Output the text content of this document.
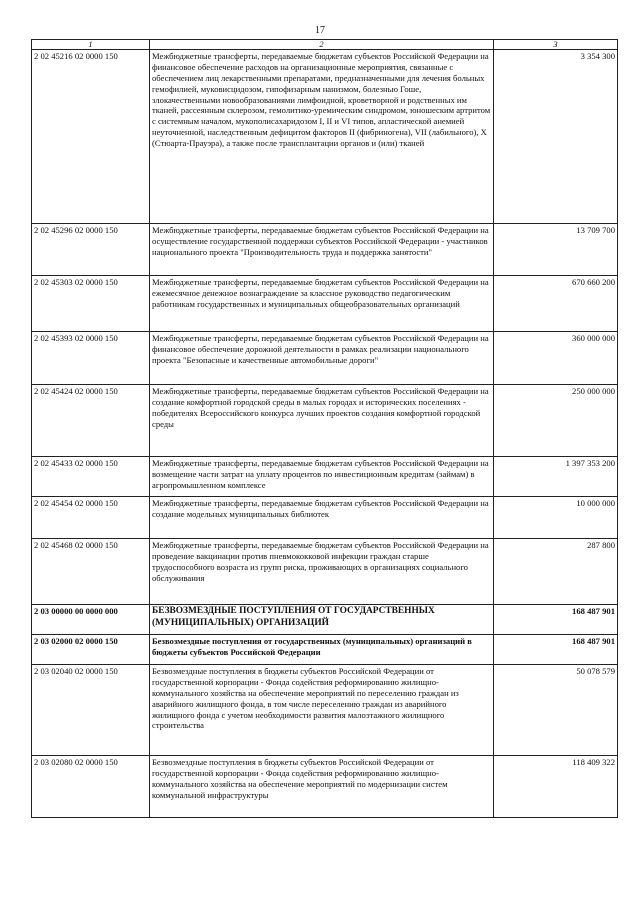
17
1	2	3
2 02 45216 02 0000 150	Межбюджетные трансферты, передаваемые бюджетам субъектов Российской Федерации на финансовое обеспечение расходов на организационные мероприятия, связанные с обеспечением лиц лекарственными препаратами, предназначенными для лечения больных гемофилией, муковисцидозом, гипофизарным нанизмом, болезнью Гоше, злокачественными новообразованиями лимфоидной, кроветворной и родственных им тканей, рассеянным склерозом, гемолитико-уремическим синдромом, юношеским артритом с системным началом, мукополисахаридозом I, II и VI типов, апластической анемией неуточненной, наследственным дефицитом факторов II (фибриногена), VII (лабильного), X (Стюарта-Прауэра), а также после трансплантации органов и (или) тканей	3 354 300
2 02 45296 02 0000 150	Межбюджетные трансферты, передаваемые бюджетам субъектов Российской Федерации на осуществление государственной поддержки субъектов Российской Федерации - участников национального проекта "Производительность труда и поддержка занятости"	13 709 700
2 02 45303 02 0000 150	Межбюджетные трансферты, передаваемые бюджетам субъектов Российской Федерации на ежемесячное денежное вознаграждение за классное руководство педагогическим работникам государственных и муниципальных общеобразовательных организаций	670 660 200
2 02 45393 02 0000 150	Межбюджетные трансферты, передаваемые бюджетам субъектов Российской Федерации на финансовое обеспечение дорожной деятельности в рамках реализации национального проекта "Безопасные и качественные автомобильные дороги"	360 000 000
2 02 45424 02 0000 150	Межбюджетные трансферты, передаваемые бюджетам субъектов Российской Федерации на создание комфортной городской среды в малых городах и исторических поселениях - победителях Всероссийского конкурса лучших проектов создания комфортной городской среды	250 000 000
2 02 45433 02 0000 150	Межбюджетные трансферты, передаваемые бюджетам субъектов Российской Федерации на возмещение части затрат на уплату процентов по инвестиционным кредитам (займам) в агропромышленном комплексе	1 397 353 200
2 02 45454 02 0000 150	Межбюджетные трансферты, передаваемые бюджетам субъектов Российской Федерации на создание модельных муниципальных библиотек	10 000 000
2 02 45468 02 0000 150	Межбюджетные трансферты, передаваемые бюджетам субъектов Российской Федерации на проведение вакцинации против пневмококковой инфекции граждан старше трудоспособного возраста из групп риска, проживающих в организациях социального обслуживания	287 800
2 03 00000 00 0000 000	БЕЗВОЗМЕЗДНЫЕ ПОСТУПЛЕНИЯ ОТ ГОСУДАРСТВЕННЫХ (МУНИЦИПАЛЬНЫХ) ОРГАНИЗАЦИЙ	168 487 901
2 03 02000 02 0000 150	Безвозмездные поступления от государственных (муниципальных) организаций в бюджеты субъектов Российской Федерации	168 487 901
2 03 02040 02 0000 150	Безвозмездные поступления в бюджеты субъектов Российской Федерации от государственной корпорации - Фонда содействия реформированию жилищно-коммунального хозяйства на обеспечение мероприятий по переселению граждан из аварийного жилищного фонда, в том числе переселению граждан из аварийного жилищного фонда с учетом необходимости развития малоэтажного жилищного строительства	50 078 579
2 03 02080 02 0000 150	Безвозмездные поступления в бюджеты субъектов Российской Федерации от государственной корпорации - Фонда содействия реформированию жилищно-коммунального хозяйства на обеспечение мероприятий по модернизации систем коммунальной инфраструктуры	118 409 322
